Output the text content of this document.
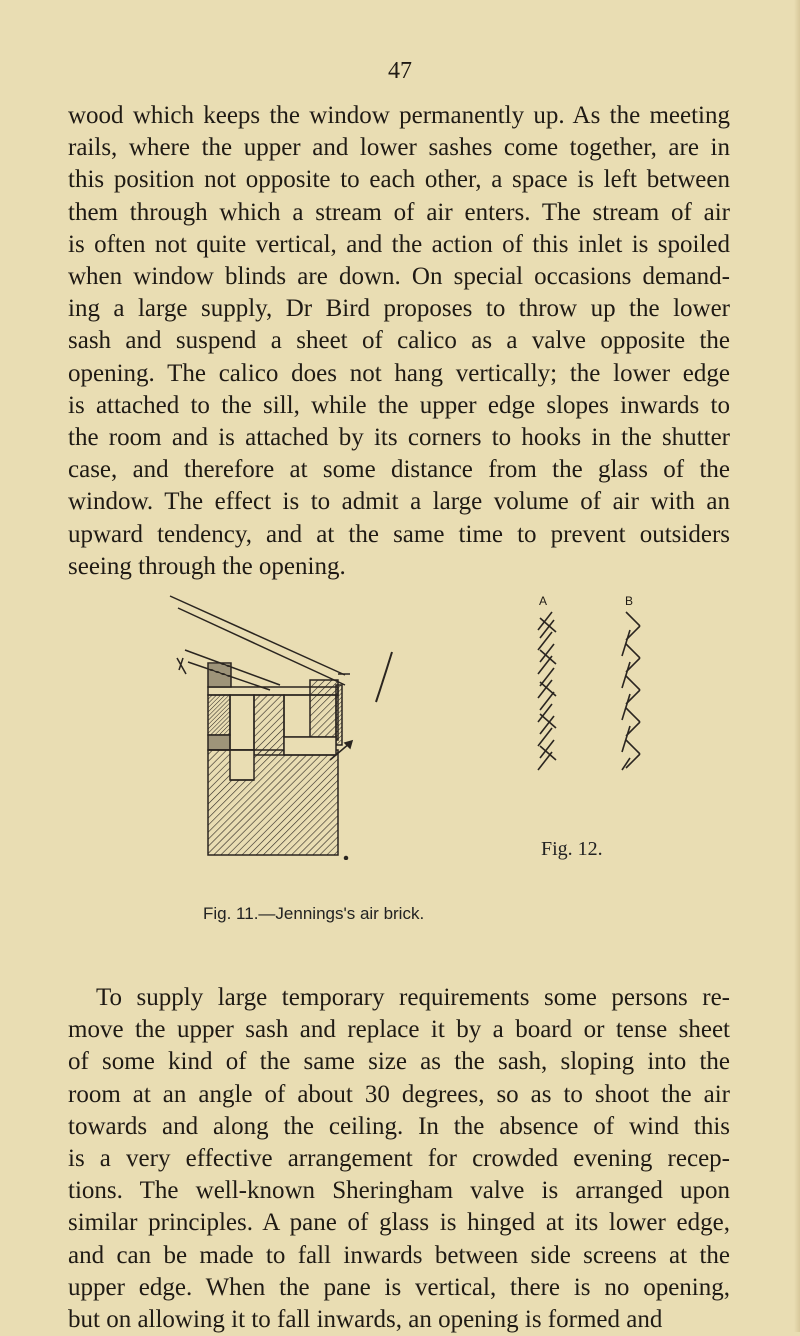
47

wood which keeps the window permanently up. As the meeting
rails, where the upper and lower sashes come together, are in
this position not opposite to each other, a space is left between
them through which a stream of air enters. The stream of air
is often not quite vertical, and the action of this inlet is spoiled
when window blinds are down. On special occasions demand-
ing a large supply, Dr Bird proposes to throw up the lower
sash and suspend a sheet of calico as a valve opposite the
opening. The calico does not hang vertically; the lower edge
is attached to the sill, while the upper edge slopes inwards to
the room and is attached by its corners to hooks in the shutter
case, and therefore at some distance from the glass of the
window. The effect is to admit a large volume of air with an
upward tendency, and at the same time to prevent outsiders
seeing through the opening.

A	B
Fig. 12.
Fig. 11.—Jennings's air brick.

To supply large temporary requirements some persons re-
move the upper sash and replace it by a board or tense sheet
of some kind of the same size as the sash, sloping into the
room at an angle of about 30 degrees, so as to shoot the air
towards and along the ceiling. In the absence of wind this
is a very effective arrangement for crowded evening recep-
tions. The well-known Sheringham valve is arranged upon
similar principles. A pane of glass is hinged at its lower edge,
and can be made to fall inwards between side screens at the
upper edge. When the pane is vertical, there is no opening,
but on allowing it to fall inwards, an opening is formed and
